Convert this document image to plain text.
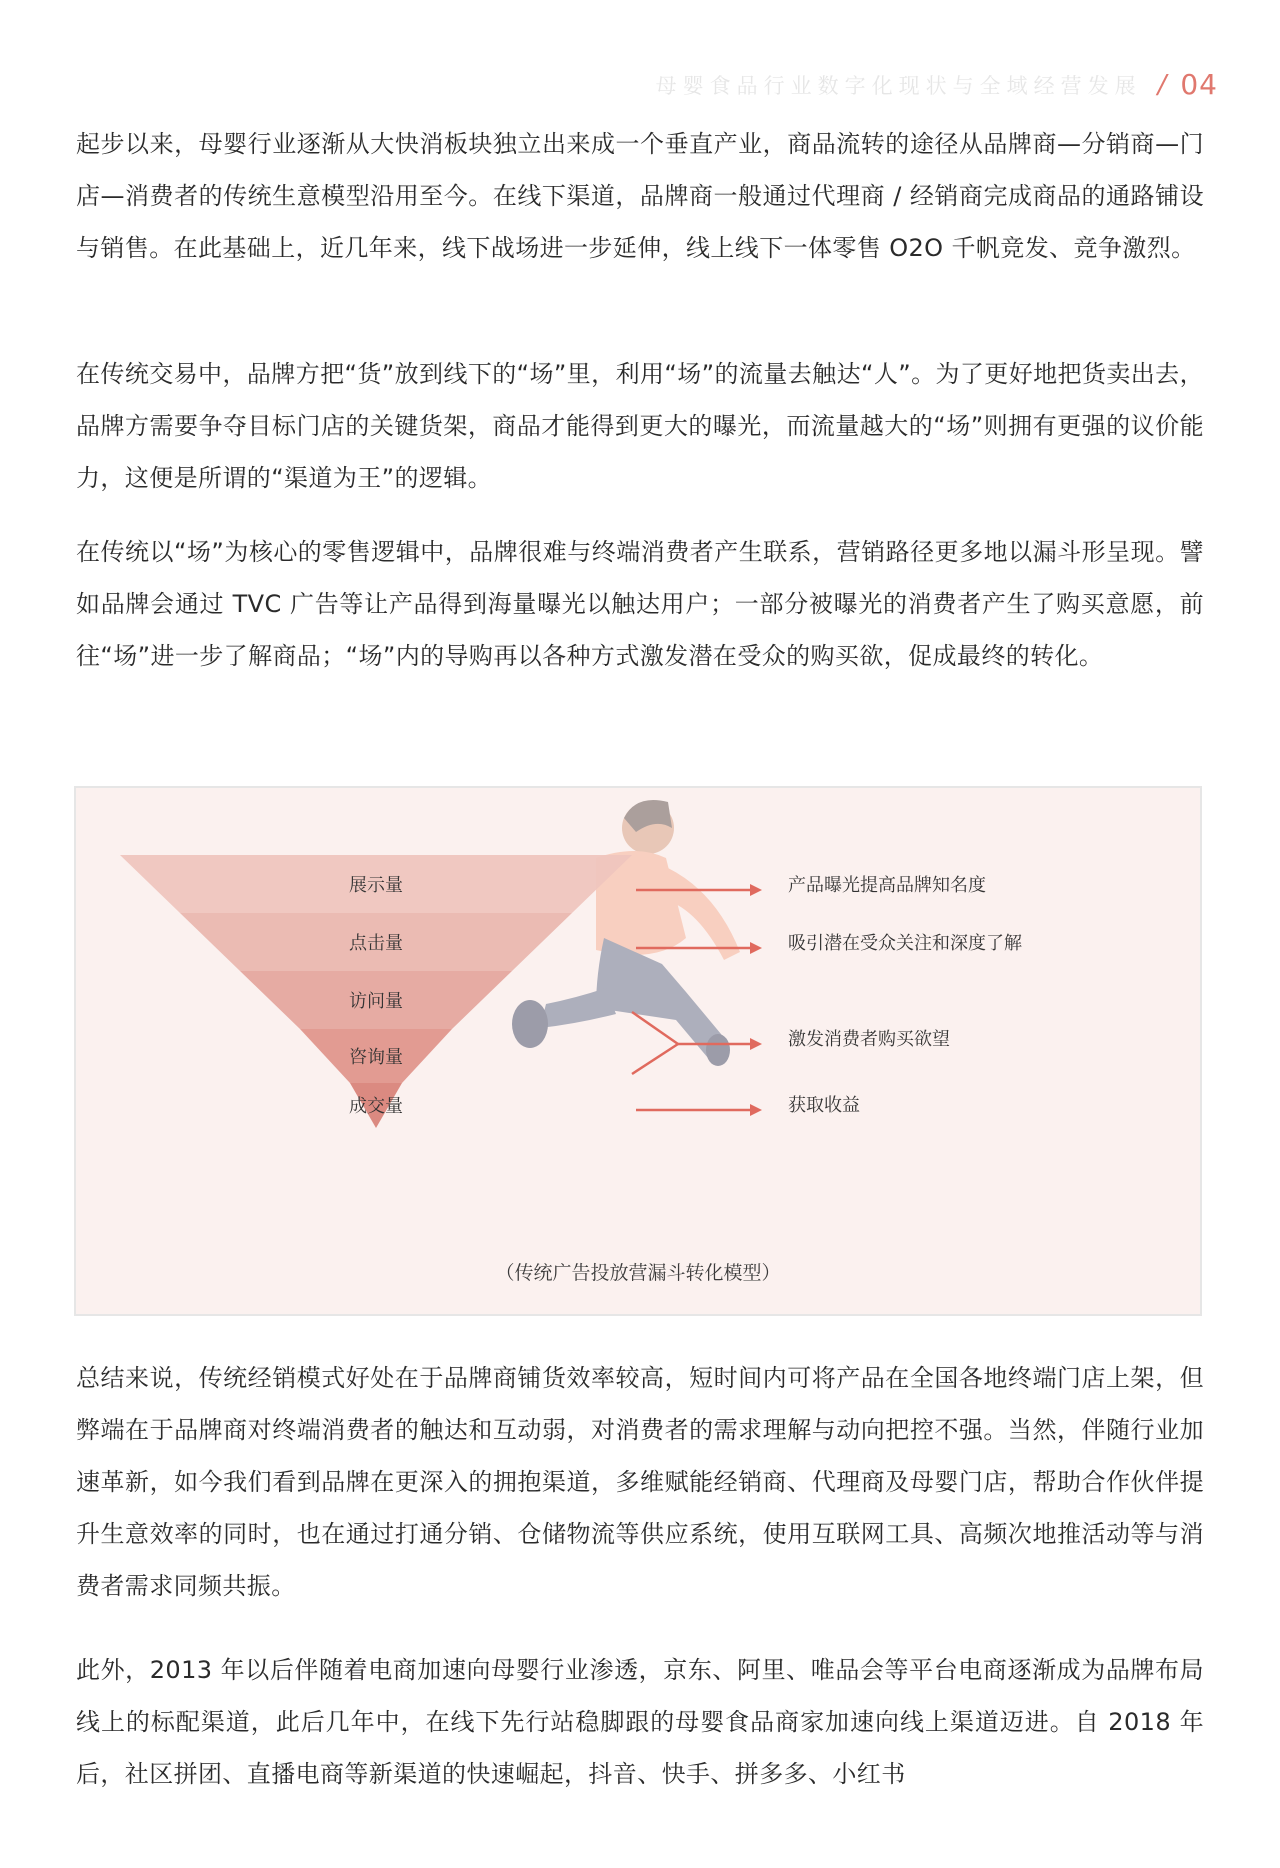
母婴食品行业数字化现状与全域经营发展 / 04

起步以来，母婴行业逐渐从大快消板块独立出来成一个垂直产业，商品流转的途径从品牌商—分销商—门店—消费者的传统生意模型沿用至今。在线下渠道，品牌商一般通过代理商 / 经销商完成商品的通路铺设与销售。在此基础上，近几年来，线下战场进一步延伸，线上线下一体零售 O2O 千帆竞发、竞争激烈。

在传统交易中，品牌方把“货”放到线下的“场”里，利用“场”的流量去触达“人”。为了更好地把货卖出去，品牌方需要争夺目标门店的关键货架，商品才能得到更大的曝光，而流量越大的“场”则拥有更强的议价能力，这便是所谓的“渠道为王”的逻辑。

在传统以“场”为核心的零售逻辑中，品牌很难与终端消费者产生联系，营销路径更多地以漏斗形呈现。譬如品牌会通过 TVC 广告等让产品得到海量曝光以触达用户；一部分被曝光的消费者产生了购买意愿，前往“场”进一步了解商品；“场”内的导购再以各种方式激发潜在受众的购买欲，促成最终的转化。

展示量
点击量
访问量
咨询量
成交量
产品曝光提高品牌知名度
吸引潜在受众关注和深度了解
激发消费者购买欲望
获取收益
（传统广告投放营漏斗转化模型）

总结来说，传统经销模式好处在于品牌商铺货效率较高，短时间内可将产品在全国各地终端门店上架，但弊端在于品牌商对终端消费者的触达和互动弱，对消费者的需求理解与动向把控不强。当然，伴随行业加速革新，如今我们看到品牌在更深入的拥抱渠道，多维赋能经销商、代理商及母婴门店，帮助合作伙伴提升生意效率的同时，也在通过打通分销、仓储物流等供应系统，使用互联网工具、高频次地推活动等与消费者需求同频共振。

此外，2013 年以后伴随着电商加速向母婴行业渗透，京东、阿里、唯品会等平台电商逐渐成为品牌布局线上的标配渠道，此后几年中，在线下先行站稳脚跟的母婴食品商家加速向线上渠道迈进。自 2018 年后，社区拼团、直播电商等新渠道的快速崛起，抖音、快手、拼多多、小红书
